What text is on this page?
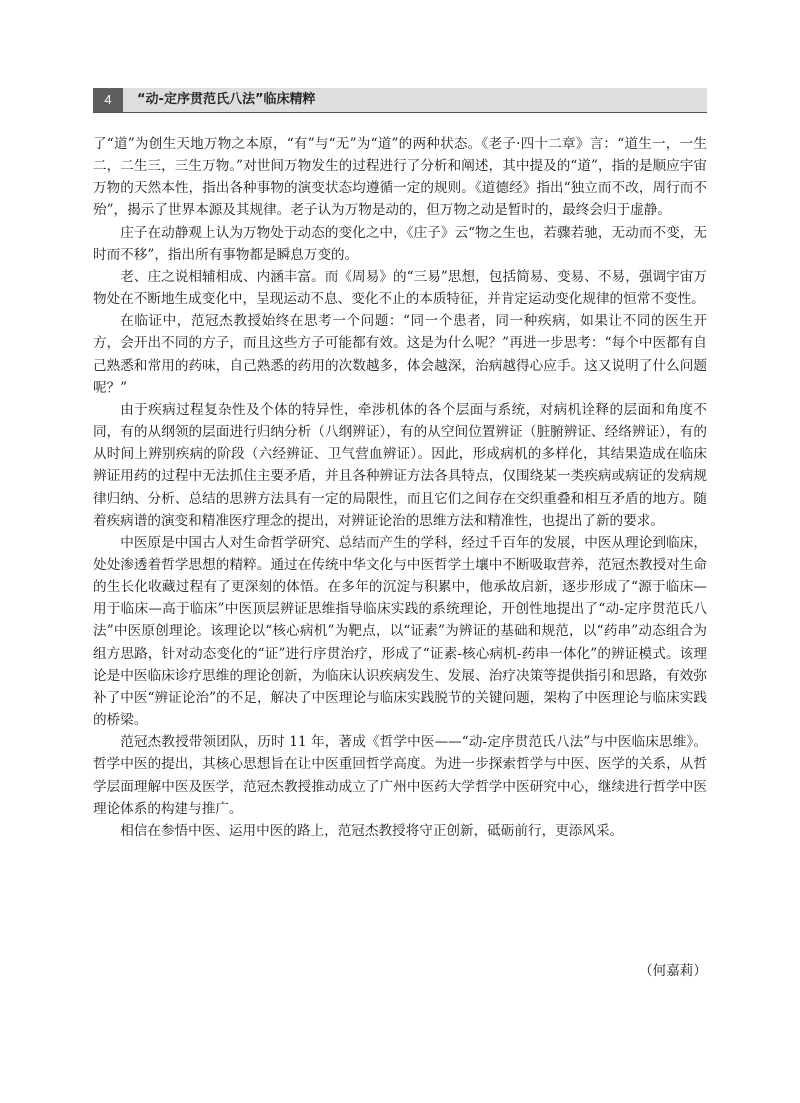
4	“动-定序贯范氏八法”临床精粹

了“道”为创生天地万物之本原，“有”与“无”为“道”的两种状态。《老子·四十二章》言：“道生一，一生二，二生三，三生万物。”对世间万物发生的过程进行了分析和阐述，其中提及的“道”，指的是顺应宇宙万物的天然本性，指出各种事物的演变状态均遵循一定的规则。《道德经》指出“独立而不改，周行而不殆”，揭示了世界本源及其规律。老子认为万物是动的，但万物之动是暂时的，最终会归于虚静。

庄子在动静观上认为万物处于动态的变化之中，《庄子》云“物之生也，若骤若驰，无动而不变，无时而不移”，指出所有事物都是瞬息万变的。

老、庄之说相辅相成、内涵丰富。而《周易》的“三易”思想，包括简易、变易、不易，强调宇宙万物处在不断地生成变化中，呈现运动不息、变化不止的本质特征，并肯定运动变化规律的恒常不变性。

在临证中，范冠杰教授始终在思考一个问题：“同一个患者，同一种疾病，如果让不同的医生开方，会开出不同的方子，而且这些方子可能都有效。这是为什么呢？”再进一步思考：“每个中医都有自己熟悉和常用的药味，自己熟悉的药用的次数越多，体会越深，治病越得心应手。这又说明了什么问题呢？”

由于疾病过程复杂性及个体的特异性，牵涉机体的各个层面与系统，对病机诠释的层面和角度不同，有的从纲领的层面进行归纳分析（八纲辨证），有的从空间位置辨证（脏腑辨证、经络辨证），有的从时间上辨别疾病的阶段（六经辨证、卫气营血辨证）。因此，形成病机的多样化，其结果造成在临床辨证用药的过程中无法抓住主要矛盾，并且各种辨证方法各具特点，仅围绕某一类疾病或病证的发病规律归纳、分析、总结的思辨方法具有一定的局限性，而且它们之间存在交织重叠和相互矛盾的地方。随着疾病谱的演变和精准医疗理念的提出，对辨证论治的思维方法和精准性，也提出了新的要求。

中医原是中国古人对生命哲学研究、总结而产生的学科，经过千百年的发展，中医从理论到临床，处处渗透着哲学思想的精粹。通过在传统中华文化与中医哲学土壤中不断吸取营养，范冠杰教授对生命的生长化收藏过程有了更深刻的体悟。在多年的沉淀与积累中，他承故启新，逐步形成了“源于临床—用于临床—高于临床”中医顶层辨证思维指导临床实践的系统理论，开创性地提出了“动-定序贯范氏八法”中医原创理论。该理论以“核心病机”为靶点，以“证素”为辨证的基础和规范，以“药串”动态组合为组方思路，针对动态变化的“证”进行序贯治疗，形成了“证素-核心病机-药串一体化”的辨证模式。该理论是中医临床诊疗思维的理论创新，为临床认识疾病发生、发展、治疗决策等提供指引和思路，有效弥补了中医“辨证论治”的不足，解决了中医理论与临床实践脱节的关键问题，架构了中医理论与临床实践的桥梁。

范冠杰教授带领团队，历时 11 年，著成《哲学中医——“动-定序贯范氏八法”与中医临床思维》。哲学中医的提出，其核心思想旨在让中医重回哲学高度。为进一步探索哲学与中医、医学的关系，从哲学层面理解中医及医学，范冠杰教授推动成立了广州中医药大学哲学中医研究中心，继续进行哲学中医理论体系的构建与推广。

相信在参悟中医、运用中医的路上，范冠杰教授将守正创新，砥砺前行，更添风采。

（何嘉莉）
